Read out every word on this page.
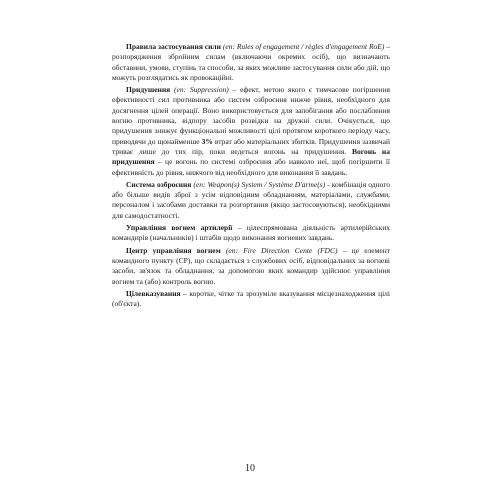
Правила застосування сили (en: Rules of engagement / règles d'engagement RoE) – розпорядження збройним силам (включаючи окремих осіб), що визначають обставини, умови, ступінь та способи, за яких можливе застосування сили або дій, що можуть розглядатись як провокаційні.

Придушення (en: Suppression) – ефект, метою якого є тимчасове погіршення ефективності сил противника або систем озброєння нижче рівня, необхідного для досягнення цілей операції. Воно використовується для запобігання або послаблення вогню противника, відпору засобів розвідки на дружні сили. Очікується, що придушення знижує функціональні можливості цілі протягом короткого періоду часу, приводячи до щонайменше 3% втрат або матеріальних збитків. Придушення зазвичай триває лише до тих пір, поки ведеться вогонь на придушення. Вогонь на придушення – це вогонь по системі озброєння або навколо неї, щоб погіршити її ефективність до рівня, нижчого від необхідного для виконання її завдань.

Система озброєння (en: Weapon(s) System / Système D'arme(s) - комбінація одного або більше видів зброї з усім відповідним обладнанням, матеріалами, службами, персоналом і засобами доставки та розгортання (якщо застосовуються), необхідними для самодостатності.

Управління вогнем артилерії – цілеспрямована діяльність артилерійських командирів (начальників) і штабів щодо виконання вогневих завдань.

Центр управління вогнем (en: Fire Direction Cente (FDC) – це елемент командного пункту (СР), що складається з службових осіб, відповідальних за вогневі засоби, зв'язок та обладнання, за допомогою яких командир здійснює управління вогнем та (або) контроль вогню.

Цілевказування – коротке, чітке та зрозуміле вказування місцезнаходження цілі (об'єкта).

10
